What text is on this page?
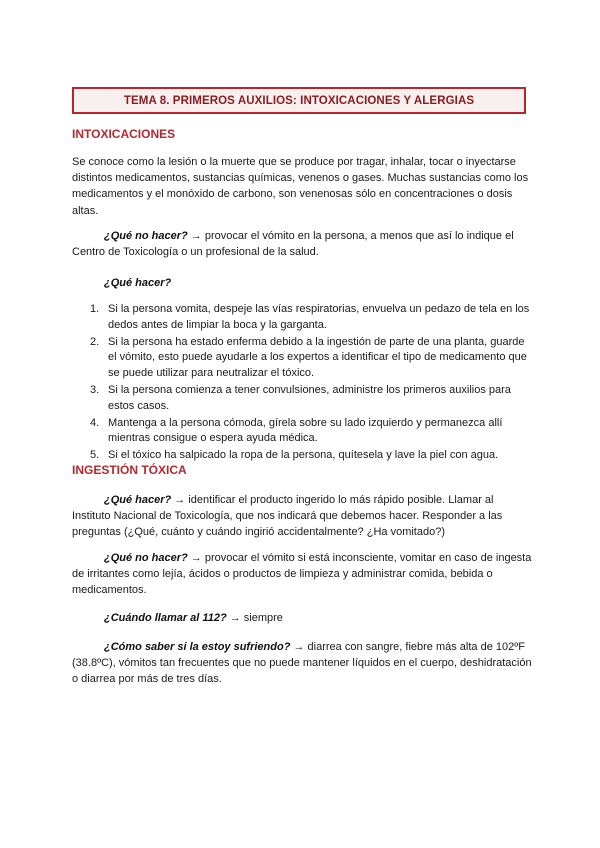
TEMA 8. PRIMEROS AUXILIOS: INTOXICACIONES Y ALERGIAS
INTOXICACIONES

Se conoce como la lesión o la muerte que se produce por tragar, inhalar, tocar o inyectarse distintos medicamentos, sustancias químicas, venenos o gases. Muchas sustancias como los medicamentos y el monóxido de carbono, son venenosas sólo en concentraciones o dosis altas.

¿Qué no hacer? → provocar el vómito en la persona, a menos que así lo indique el Centro de Toxicología o un profesional de la salud.

¿Qué hacer?

1. Si la persona vomita, despeje las vías respiratorias, envuelva un pedazo de tela en los dedos antes de limpiar la boca y la garganta.
2. Si la persona ha estado enferma debido a la ingestión de parte de una planta, guarde el vómito, esto puede ayudarle a los expertos a identificar el tipo de medicamento que se puede utilizar para neutralizar el tóxico.
3. Si la persona comienza a tener convulsiones, administre los primeros auxilios para estos casos.
4. Mantenga a la persona cómoda, gírela sobre su lado izquierdo y permanezca allí mientras consigue o espera ayuda médica.
5. Si el tóxico ha salpicado la ropa de la persona, quítesela y lave la piel con agua.
INGESTIÓN TÓXICA

¿Qué hacer? → identificar el producto ingerido lo más rápido posible. Llamar al Instituto Nacional de Toxicología, que nos indicará que debemos hacer. Responder a las preguntas (¿Qué, cuánto y cuándo ingirió accidentalmente? ¿Ha vomitado?)

¿Qué no hacer? → provocar el vómito si está inconsciente, vomitar en caso de ingesta de irritantes como lejía, ácidos o productos de limpieza y administrar comida, bebida o medicamentos.

¿Cuándo llamar al 112? → siempre

¿Cómo saber si la estoy sufriendo? → diarrea con sangre, fiebre más alta de 102ºF (38.8ºC), vómitos tan frecuentes que no puede mantener líquidos en el cuerpo, deshidratación o diarrea por más de tres días.
